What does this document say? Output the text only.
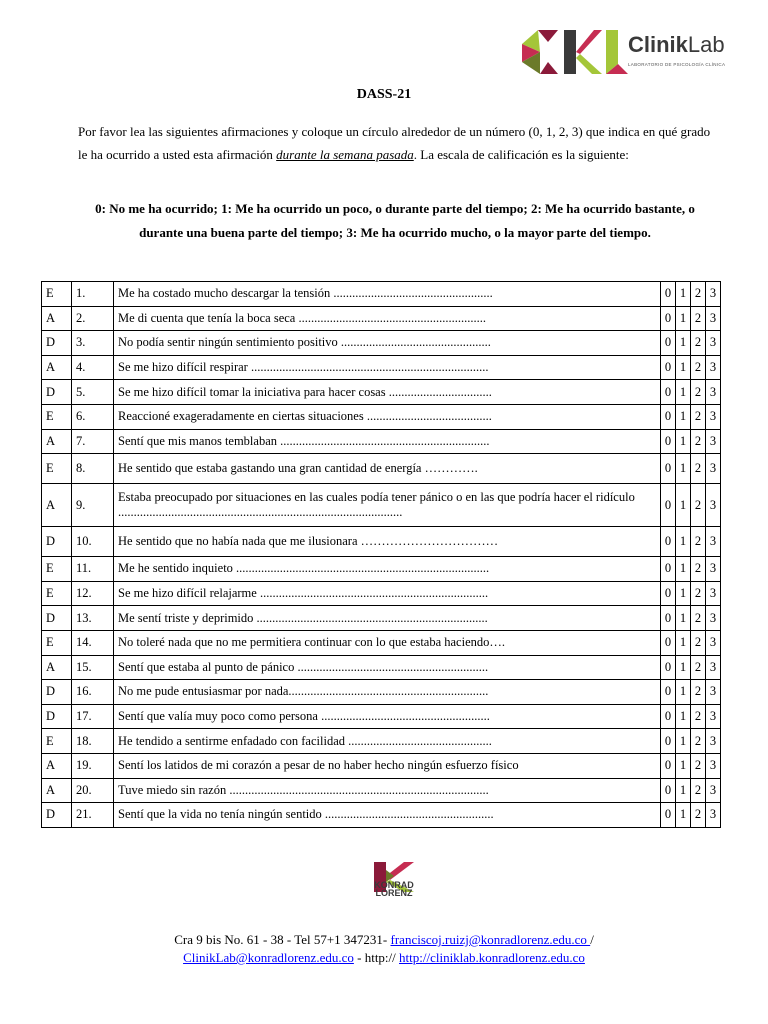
ClinikLab
LABORATORIO DE PSICOLOGÍA CLÍNICA
DASS-21
Por favor lea las siguientes afirmaciones y coloque un círculo alrededor de un número (0, 1, 2, 3) que indica en qué grado le ha ocurrido a usted esta afirmación durante la semana pasada. La escala de calificación es la siguiente:
0: No me ha ocurrido; 1: Me ha ocurrido un poco, o durante parte del tiempo; 2: Me ha ocurrido bastante, o durante una buena parte del tiempo; 3: Me ha ocurrido mucho, o la mayor parte del tiempo.
E	1.	Me ha costado mucho descargar la tensión ...................................................	0	1	2	3
A	2.	Me di cuenta que tenía la boca seca ............................................................	0	1	2	3
D	3.	No podía sentir ningún sentimiento positivo ................................................	0	1	2	3
A	4.	Se me hizo difícil respirar ............................................................................	0	1	2	3
D	5.	Se me hizo difícil tomar la iniciativa para hacer cosas .................................	0	1	2	3
E	6.	Reaccioné exageradamente en ciertas situaciones ........................................	0	1	2	3
A	7.	Sentí que mis manos temblaban ...................................................................	0	1	2	3
E	8.	He sentido que estaba gastando una gran cantidad de energía ………….	0	1	2	3
A	9.	Estaba preocupado por situaciones en las cuales podía tener pánico o en las que podría hacer el ridículo ...........................................................................................	0	1	2	3
D	10.	He sentido que no había nada que me ilusionara ……………………………	0	1	2	3
E	11.	Me he sentido inquieto .................................................................................	0	1	2	3
E	12.	Se me hizo difícil relajarme .........................................................................	0	1	2	3
D	13.	Me sentí triste y deprimido ..........................................................................	0	1	2	3
E	14.	No toleré nada que no me permitiera continuar con lo que estaba haciendo….	0	1	2	3
A	15.	Sentí que estaba al punto de pánico .............................................................	0	1	2	3
D	16.	No me pude entusiasmar por nada................................................................	0	1	2	3
D	17.	Sentí que valía muy poco como persona ......................................................	0	1	2	3
E	18.	He tendido a sentirme enfadado con facilidad ..............................................	0	1	2	3
A	19.	Sentí los latidos de mi corazón a pesar de no haber hecho ningún esfuerzo físico	0	1	2	3
A	20.	Tuve miedo sin razón ...................................................................................	0	1	2	3
D	21.	Sentí que la vida no tenía ningún sentido ......................................................	0	1	2	3
KONRAD
LORENZ
Cra 9 bis No. 61 - 38 - Tel 57+1 347231- franciscoj.ruizj@konradlorenz.edu.co /
ClinikLab@konradlorenz.edu.co - http:// http://cliniklab.konradlorenz.edu.co
